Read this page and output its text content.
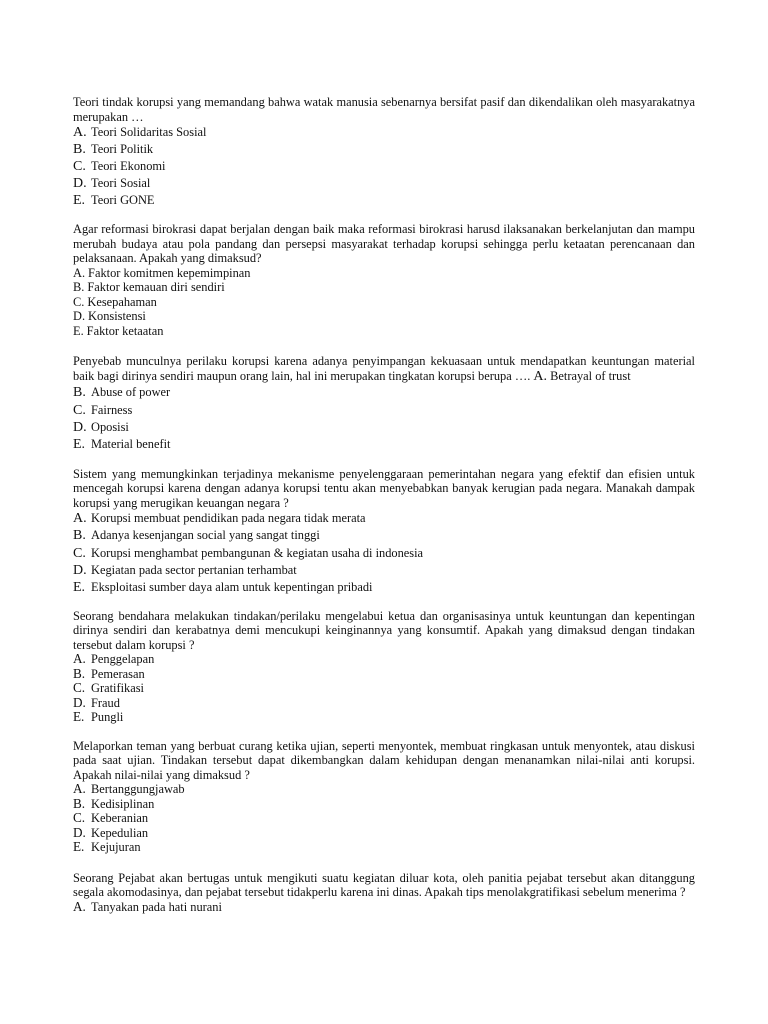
Teori tindak korupsi yang memandang bahwa watak manusia sebenarnya bersifat pasif dan dikendalikan oleh masyarakatnya merupakan …

A. Teori Solidaritas Sosial
B. Teori Politik
C. Teori Ekonomi
D. Teori Sosial
E. Teori GONE

Agar reformasi birokrasi dapat berjalan dengan baik maka reformasi birokrasi harusd ilaksanakan berkelanjutan dan mampu merubah budaya atau pola pandang dan persepsi masyarakat terhadap korupsi sehingga perlu ketaatan perencanaan dan pelaksanaan. Apakah yang dimaksud?

A. Faktor komitmen kepemimpinan
B. Faktor kemauan diri sendiri
C. Kesepahaman
D. Konsistensi
E. Faktor ketaatan

Penyebab munculnya perilaku korupsi karena adanya penyimpangan kekuasaan untuk mendapatkan keuntungan material baik bagi dirinya sendiri maupun orang lain, hal ini merupakan tingkatan korupsi berupa …. A. Betrayal of trust

B. Abuse of power
C. Fairness
D. Oposisi
E. Material benefit

Sistem yang memungkinkan terjadinya mekanisme penyelenggaraan pemerintahan negara yang efektif dan efisien untuk mencegah korupsi karena dengan adanya korupsi tentu akan menyebabkan banyak kerugian pada negara. Manakah dampak korupsi yang merugikan keuangan negara ?

A. Korupsi membuat pendidikan pada negara tidak merata
B. Adanya kesenjangan social yang sangat tinggi
C. Korupsi menghambat pembangunan & kegiatan usaha di indonesia
D. Kegiatan pada sector pertanian terhambat
E. Eksploitasi sumber daya alam untuk kepentingan pribadi

Seorang bendahara melakukan tindakan/perilaku mengelabui ketua dan organisasinya untuk keuntungan dan kepentingan dirinya sendiri dan kerabatnya demi mencukupi keinginannya yang konsumtif. Apakah yang dimaksud dengan tindakan tersebut dalam korupsi ?

A. Penggelapan
B. Pemerasan
C. Gratifikasi
D. Fraud
E. Pungli

Melaporkan teman yang berbuat curang ketika ujian, seperti menyontek, membuat ringkasan untuk menyontek, atau diskusi pada saat ujian. Tindakan tersebut dapat dikembangkan dalam kehidupan dengan menanamkan nilai-nilai anti korupsi. Apakah nilai-nilai yang dimaksud ?

A. Bertanggungjawab
B. Kedisiplinan
C. Keberanian
D. Kepedulian
E. Kejujuran

Seorang Pejabat akan bertugas untuk mengikuti suatu kegiatan diluar kota, oleh panitia pejabat tersebut akan ditanggung segala akomodasinya, dan pejabat tersebut tidakperlu karena ini dinas. Apakah tips menolakgratifikasi sebelum menerima ?

A. Tanyakan pada hati nurani
